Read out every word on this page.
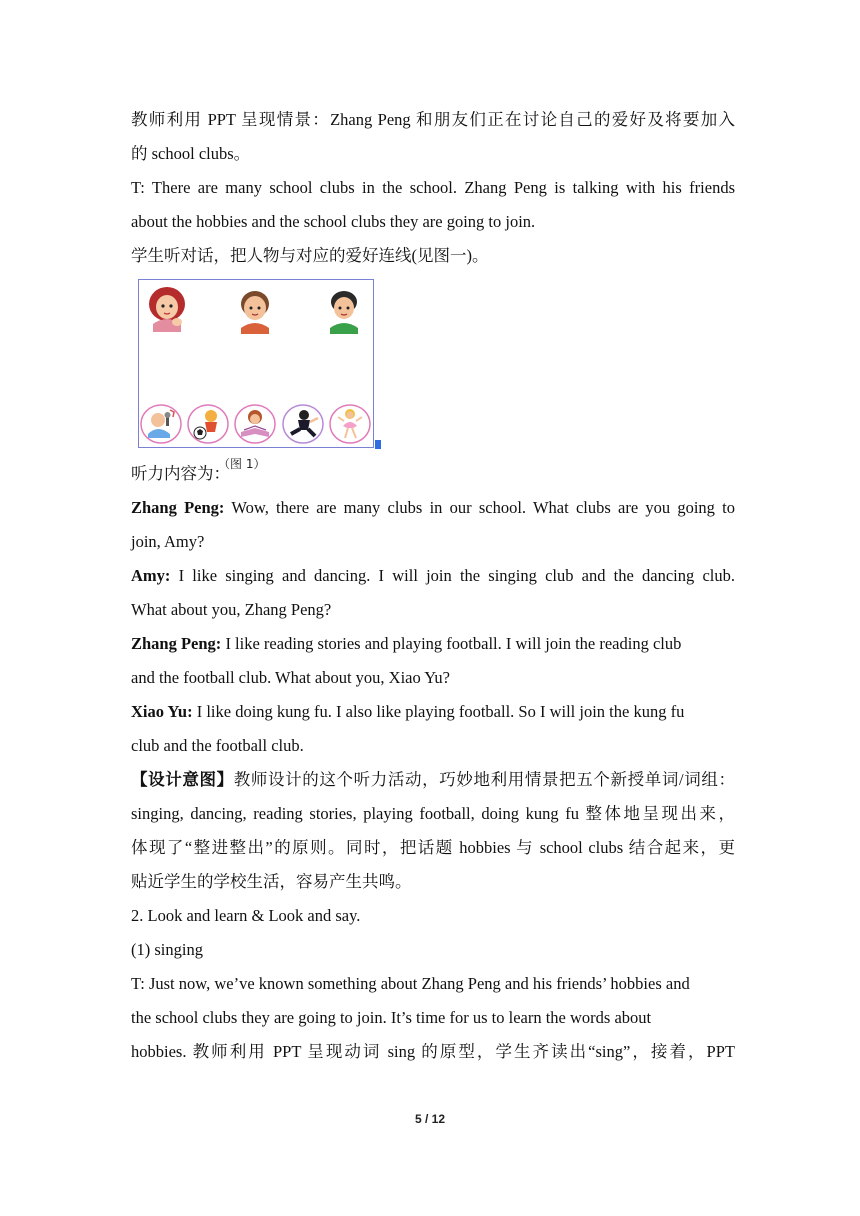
教师利用 PPT 呈现情景：Zhang Peng 和朋友们正在讨论自己的爱好及将要加入
的 school clubs。
T: There are many school clubs in the school. Zhang Peng is talking with his friends
about the hobbies and the school clubs they are going to join.
学生听对话，把人物与对应的爱好连线(见图一)。
（图 1）
听力内容为：
Zhang Peng: Wow, there are many clubs in our school. What clubs are you going to
join, Amy?
Amy: I like singing and dancing. I will join the singing club and the dancing club.
What about you, Zhang Peng?
Zhang Peng: I like reading stories and playing football. I will join the reading club
and the football club. What about you, Xiao Yu?
Xiao Yu: I like doing kung fu. I also like playing football. So I will join the kung fu
club and the football club.
【设计意图】教师设计的这个听力活动，巧妙地利用情景把五个新授单词/词组：
singing, dancing, reading stories, playing football, doing kung fu 整体地呈现出来，
体现了“整进整出”的原则。同时，把话题 hobbies 与 school clubs 结合起来，更
贴近学生的学校生活，容易产生共鸣。
2. Look and learn & Look and say.
(1) singing
T: Just now, we’ve known something about Zhang Peng and his friends’ hobbies and
the school clubs they are going to join. It’s time for us to learn the words about
hobbies. 教师利用 PPT 呈现动词 sing 的原型，学生齐读出“sing”，接着，PPT
5 / 12
